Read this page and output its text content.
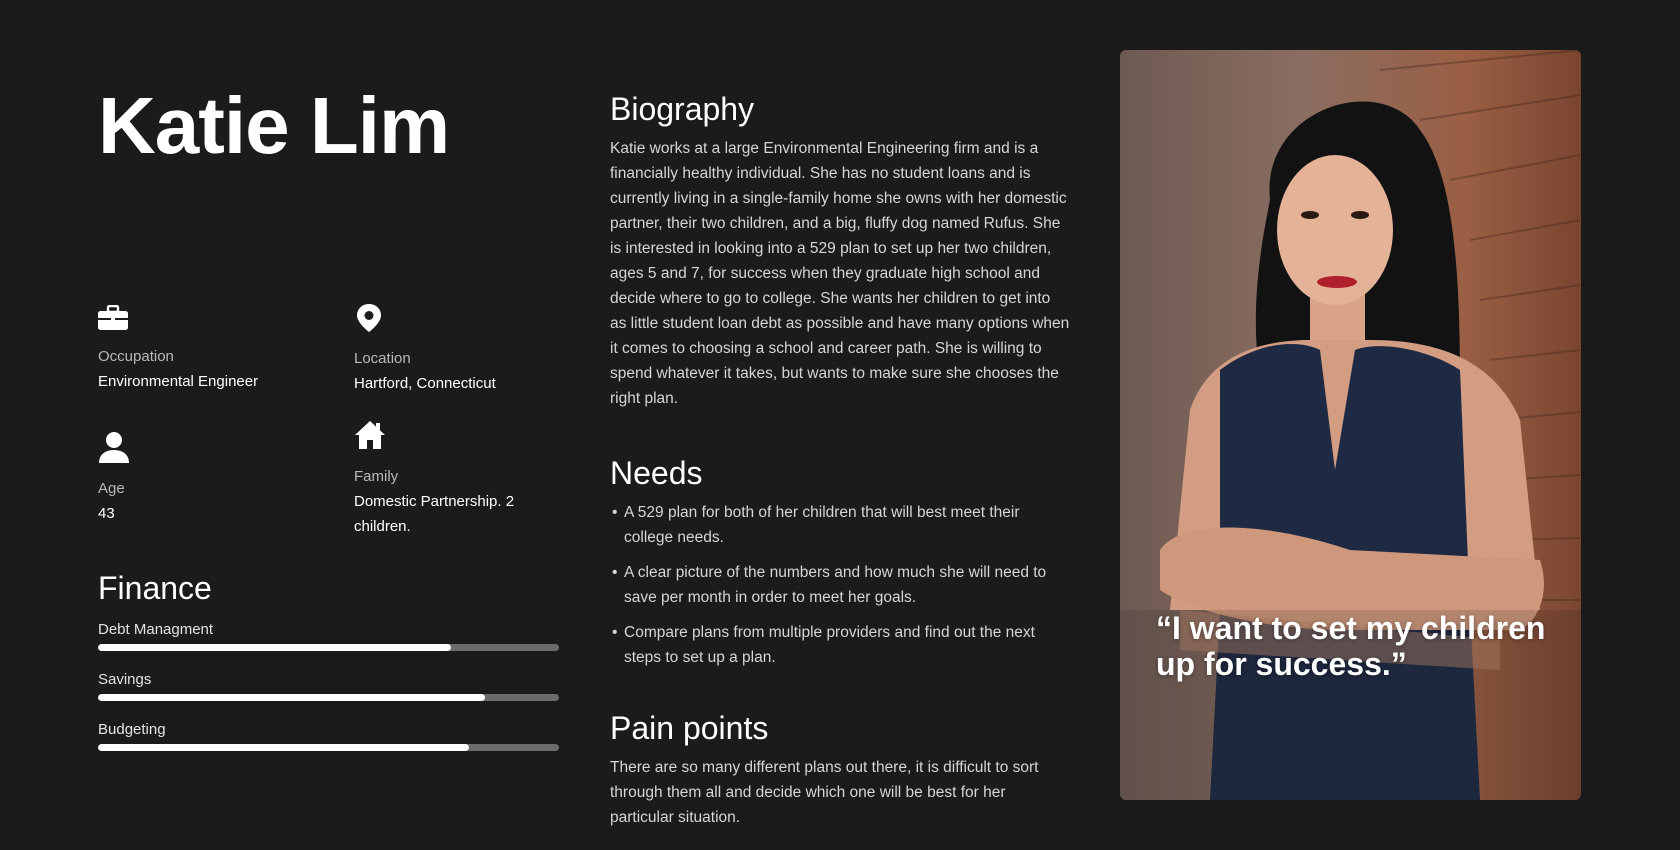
Katie Lim
Occupation
Environmental Engineer
Location
Hartford, Connecticut
Age
43
Family
Domestic Partnership. 2 children.
Finance
Debt Managment
Savings
Budgeting
Biography

Katie works at a large Environmental Engineering firm and is a financially healthy individual. She has no student loans and is currently living in a single-family home she owns with her domestic partner, their two children, and a big, fluffy dog named Rufus. She is interested in looking into a 529 plan to set up her two children, ages 5 and 7, for success when they graduate high school and decide where to go to college. She wants her children to get into as little student loan debt as possible and have many options when it comes to choosing a school and career path. She is willing to spend whatever it takes, but wants to make sure she chooses the right plan.

Needs
• A 529 plan for both of her children that will best meet their college needs.
• A clear picture of the numbers and how much she will need to save per month in order to meet her goals.
• Compare plans from multiple providers and find out the next steps to set up a plan.
Pain points

There are so many different plans out there, it is difficult to sort through them all and decide which one will be best for her particular situation.

“I want to set my children up for success.”
